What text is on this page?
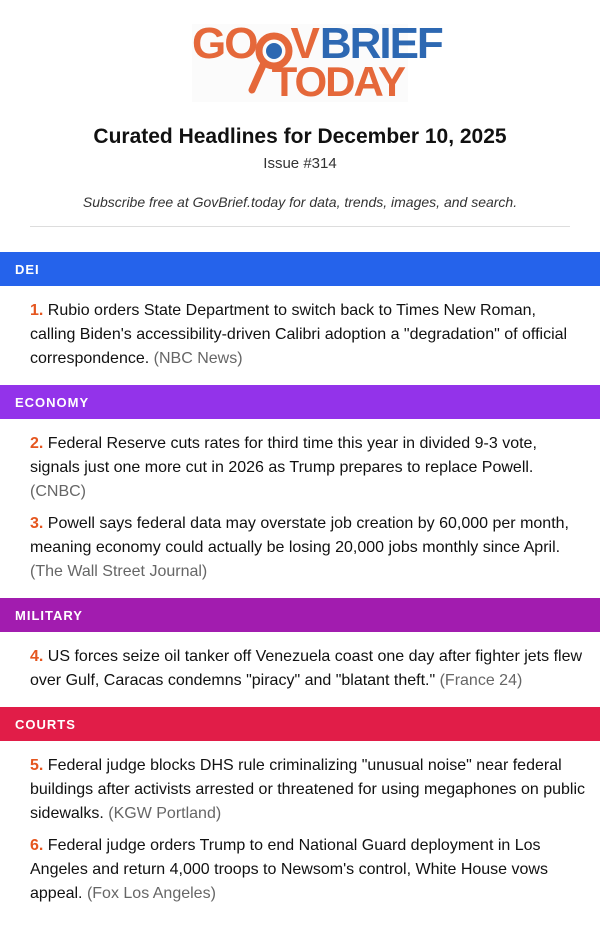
GO V BRIEF
TODAY
Curated Headlines for December 10, 2025
Issue #314
Subscribe free at GovBrief.today for data, trends, images, and search.
DEI
1. Rubio orders State Department to switch back to Times New Roman, calling Biden's accessibility-driven Calibri adoption a "degradation" of official correspondence. (NBC News)
ECONOMY
2. Federal Reserve cuts rates for third time this year in divided 9-3 vote, signals just one more cut in 2026 as Trump prepares to replace Powell. (CNBC)
3. Powell says federal data may overstate job creation by 60,000 per month, meaning economy could actually be losing 20,000 jobs monthly since April. (The Wall Street Journal)
MILITARY
4. US forces seize oil tanker off Venezuela coast one day after fighter jets flew over Gulf, Caracas condemns "piracy" and "blatant theft." (France 24)
COURTS
5. Federal judge blocks DHS rule criminalizing "unusual noise" near federal buildings after activists arrested or threatened for using megaphones on public sidewalks. (KGW Portland)
6. Federal judge orders Trump to end National Guard deployment in Los Angeles and return 4,000 troops to Newsom's control, White House vows appeal. (Fox Los Angeles)
